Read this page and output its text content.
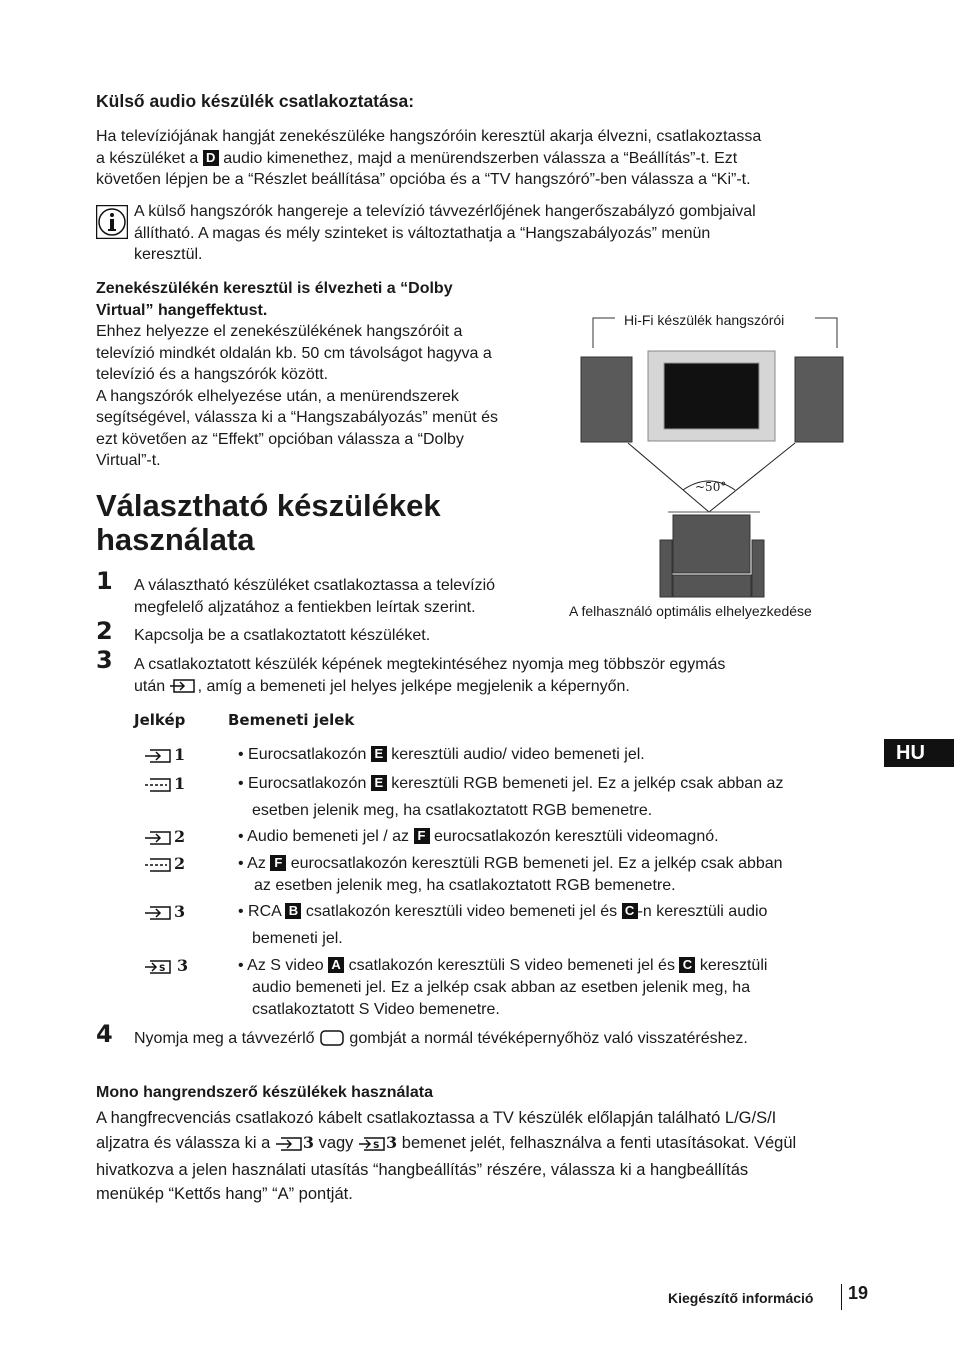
Külső audio készülék csatlakoztatása:
Ha televíziójának hangját zenekészüléke hangszóróin keresztül akarja élvezni, csatlakoztassa
a készüléket a D audio kimenethez, majd a menürendszerben válassza a “Beállítás”-t. Ezt
követően lépjen be a “Részlet beállítása” opcióba és a “TV hangszóró”-ben válassza a “Ki”-t.
A külső hangszórók hangereje a televízió távvezérlőjének hangerőszabályzó gombjaival
állítható. A magas és mély szinteket is változtathatja a “Hangszabályozás” menün
keresztül.
Zenekészülékén keresztül is élvezheti a “Dolby
Virtual” hangeffektust.
Ehhez helyezze el zenekészülékének hangszóróit a
televízió mindkét oldalán kb. 50 cm távolságot hagyva a
televízió és a hangszórók között.
A hangszórók elhelyezése után, a menürendszerek
segítségével, válassza ki a “Hangszabályozás” menüt és
ezt követően az “Effekt” opcióban válassza a “Dolby
Virtual”-t.
Hi-Fi készülék hangszórói
~50°
A felhasználó optimális elhelyezkedése
Választható készülékek
használata
1 A választható készüléket csatlakoztassa a televízió
megfelelő aljzatához a fentiekben leírtak szerint.
2 Kapcsolja be a csatlakoztatott készüléket.
3 A csatlakoztatott készülék képének megtekintéséhez nyomja meg többször egymás
után , amíg a bemeneti jel helyes jelképe megjelenik a képernyőn.
Jelkép	Bemeneti jelek
1	• Eurocsatlakozón E keresztüli audio/ video bemeneti jel.
1	• Eurocsatlakozón E keresztüli RGB bemeneti jel. Ez a jelkép csak abban az
esetben jelenik meg, ha csatlakoztatott RGB bemenetre.
2	• Audio bemeneti jel / az F eurocsatlakozón keresztüli videomagnó.
2	• Az F eurocsatlakozón keresztüli RGB bemeneti jel. Ez a jelkép csak abban
az esetben jelenik meg, ha csatlakoztatott RGB bemenetre.
3	• RCA B csatlakozón keresztüli video bemeneti jel és C -n keresztüli audio
bemeneti jel.
S 3	• Az S video A csatlakozón keresztüli S video bemeneti jel és C keresztüli
audio bemeneti jel. Ez a jelkép csak abban az esetben jelenik meg, ha
csatlakoztatott S Video bemenetre.
4 Nyomja meg a távvezérlő gombját a normál tévéképernyőhöz való visszatéréshez.
Mono hangrendszerő készülékek használata
A hangfrecvenciás csatlakozó kábelt csatlakoztassa a TV készülék előlapján található L/G/S/I
aljzatra és válassza ki a 3 vagy S 3 bemenet jelét, felhasználva a fenti utasításokat. Végül
hivatkozva a jelen használati utasítás “hangbeállítás” részére, válassza ki a hangbeállítás
menükép “Kettős hang” “A” pontját.
HU
Kiegészítő információ 19
